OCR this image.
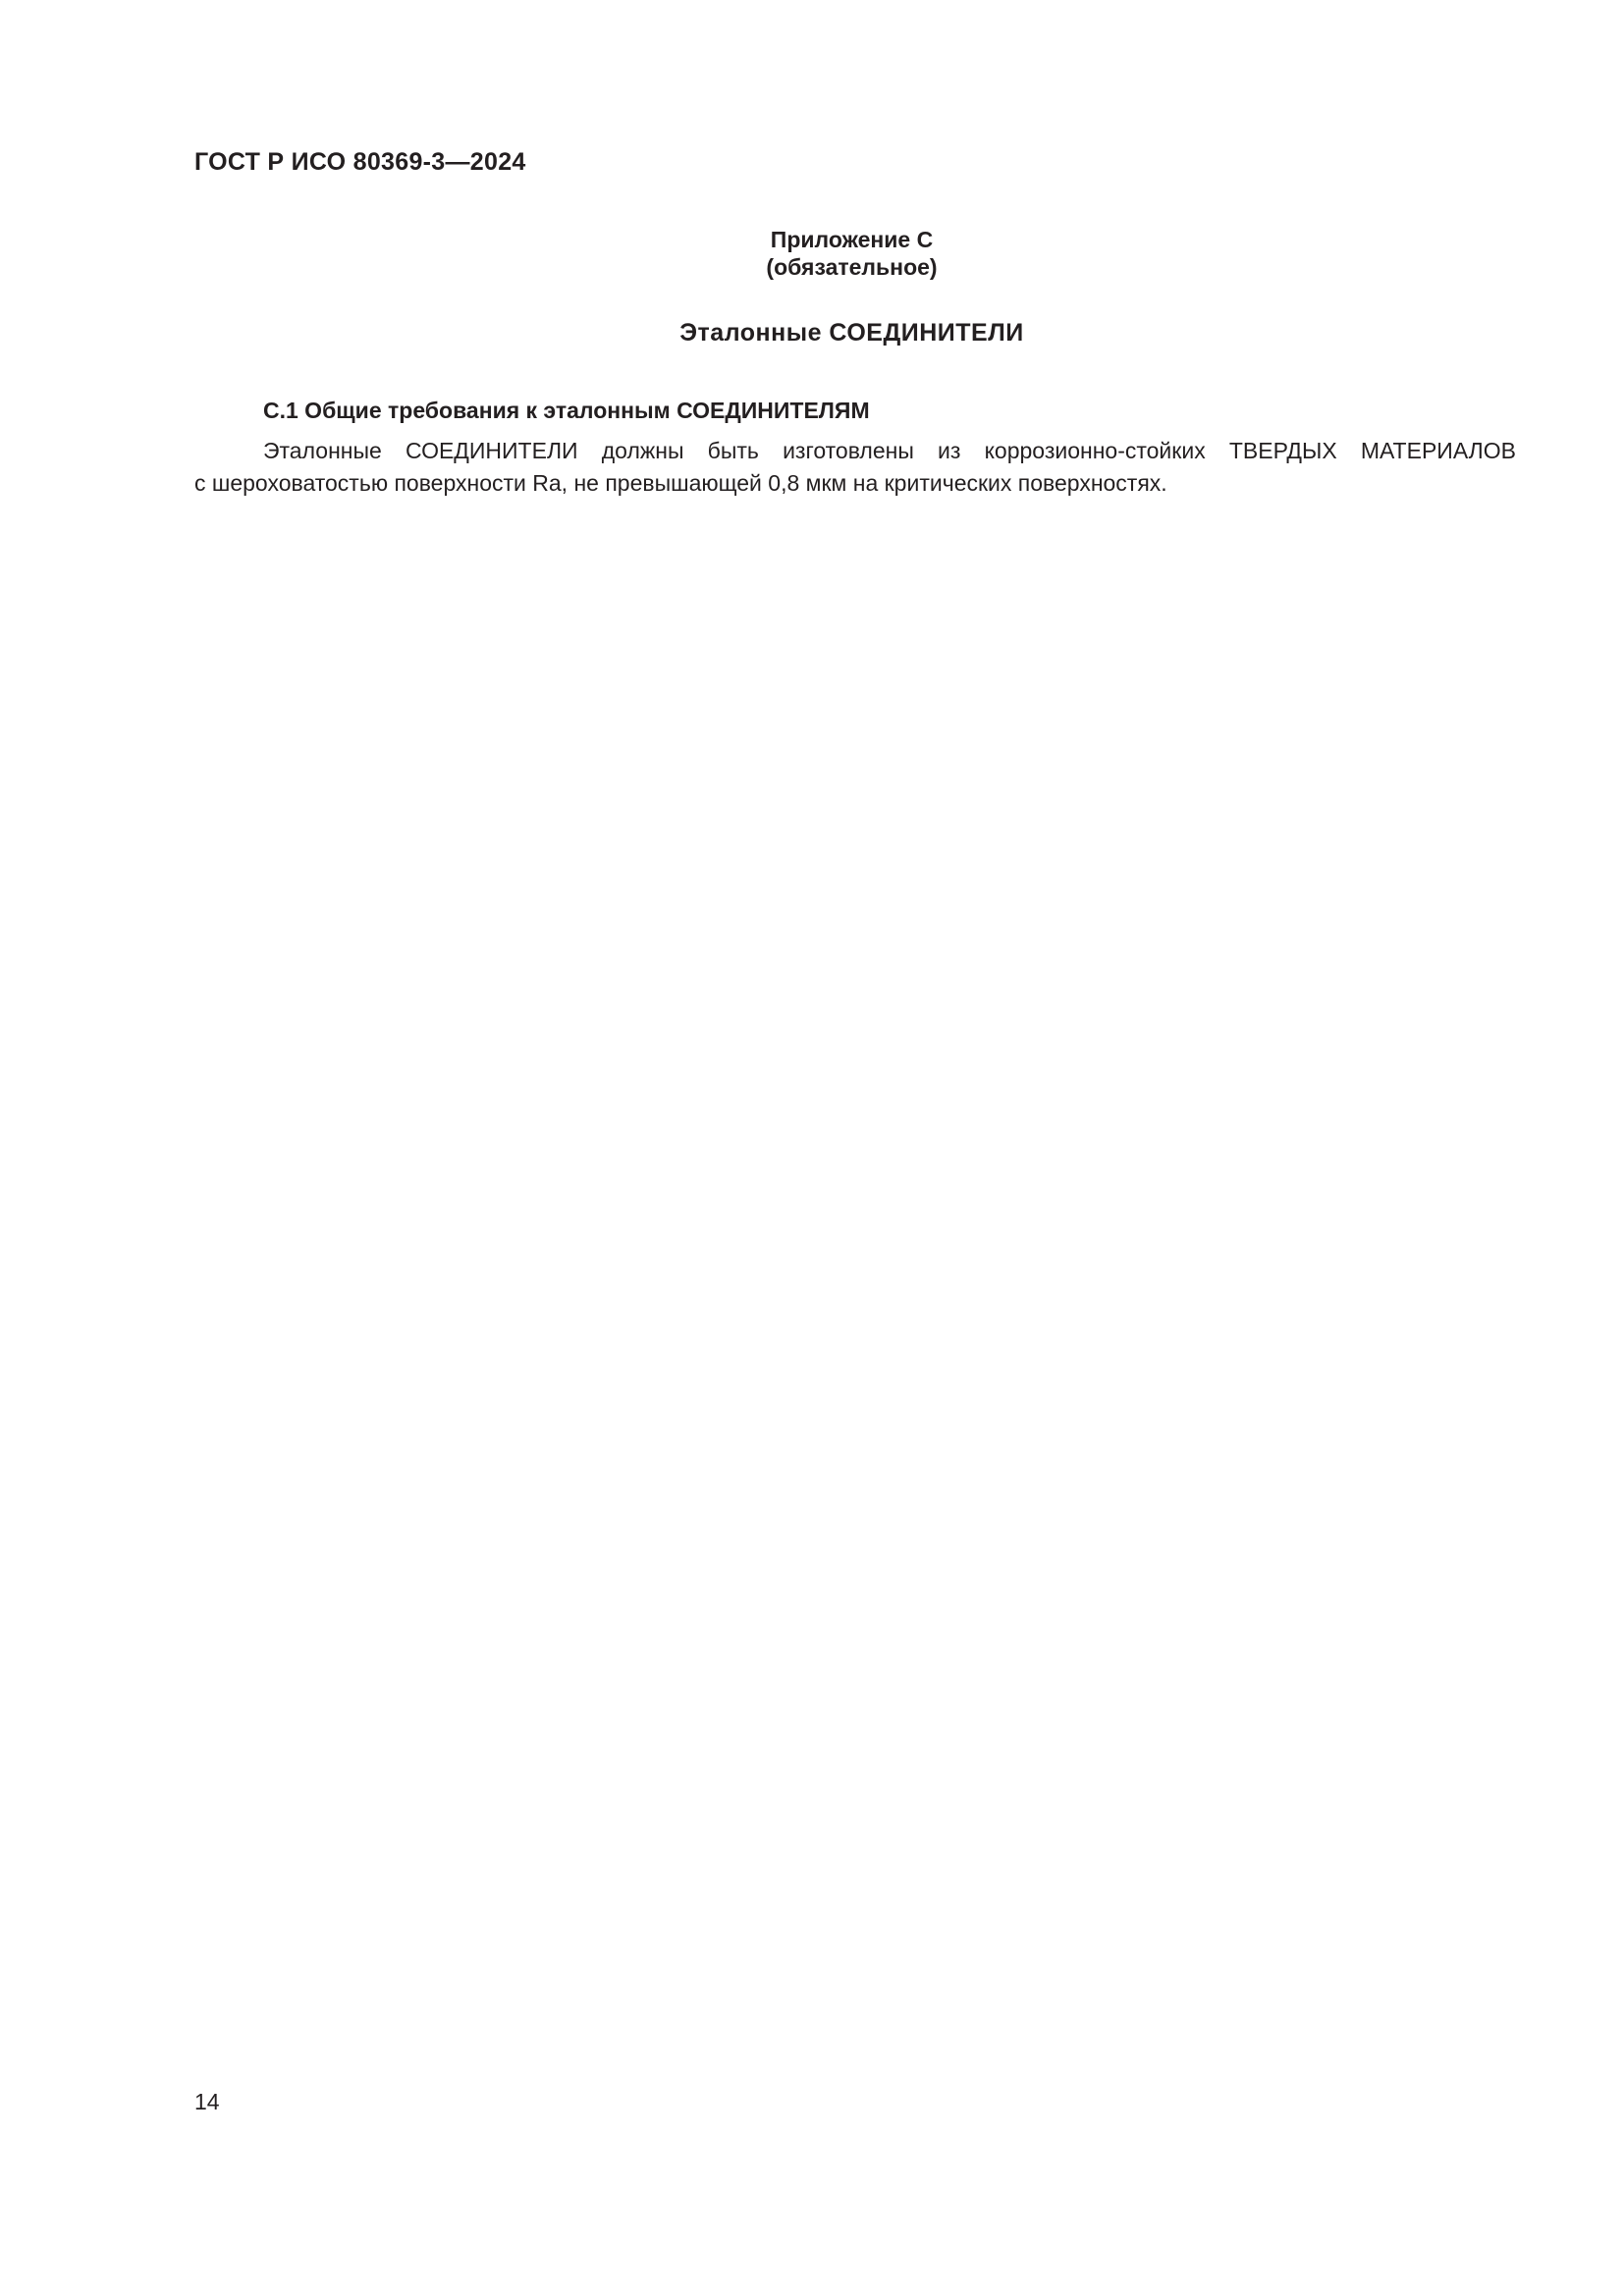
ГОСТ Р ИСО 80369-3—2024
Приложение С
(обязательное)
Эталонные СОЕДИНИТЕЛИ
С.1 Общие требования к эталонным СОЕДИНИТЕЛЯМ

Эталонные СОЕДИНИТЕЛИ должны быть изготовлены из коррозионно-стойких ТВЕРДЫХ МАТЕРИАЛОВ

с шероховатостью поверхности Ra, не превышающей 0,8 мкм на критических поверхностях.

14
